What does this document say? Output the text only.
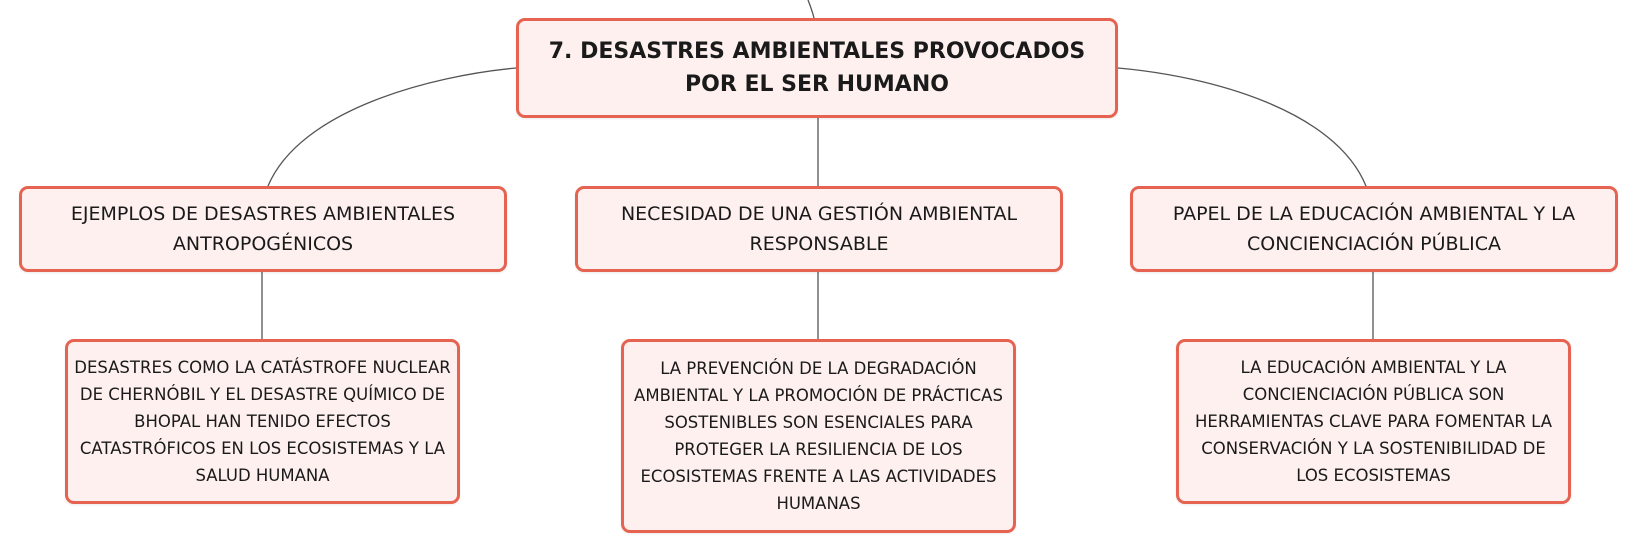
7. DESASTRES AMBIENTALES PROVOCADOS POR EL SER HUMANO
EJEMPLOS DE DESASTRES AMBIENTALES ANTROPOGÉNICOS
NECESIDAD DE UNA GESTIÓN AMBIENTAL RESPONSABLE
PAPEL DE LA EDUCACIÓN AMBIENTAL Y LA CONCIENCIACIÓN PÚBLICA
DESASTRES COMO LA CATÁSTROFE NUCLEAR DE CHERNÓBIL Y EL DESASTRE QUÍMICO DE BHOPAL HAN TENIDO EFECTOS CATASTRÓFICOS EN LOS ECOSISTEMAS Y LA SALUD HUMANA
LA PREVENCIÓN DE LA DEGRADACIÓN AMBIENTAL Y LA PROMOCIÓN DE PRÁCTICAS SOSTENIBLES SON ESENCIALES PARA PROTEGER LA RESILIENCIA DE LOS ECOSISTEMAS FRENTE A LAS ACTIVIDADES HUMANAS
LA EDUCACIÓN AMBIENTAL Y LA CONCIENCIACIÓN PÚBLICA SON HERRAMIENTAS CLAVE PARA FOMENTAR LA CONSERVACIÓN Y LA SOSTENIBILIDAD DE LOS ECOSISTEMAS
